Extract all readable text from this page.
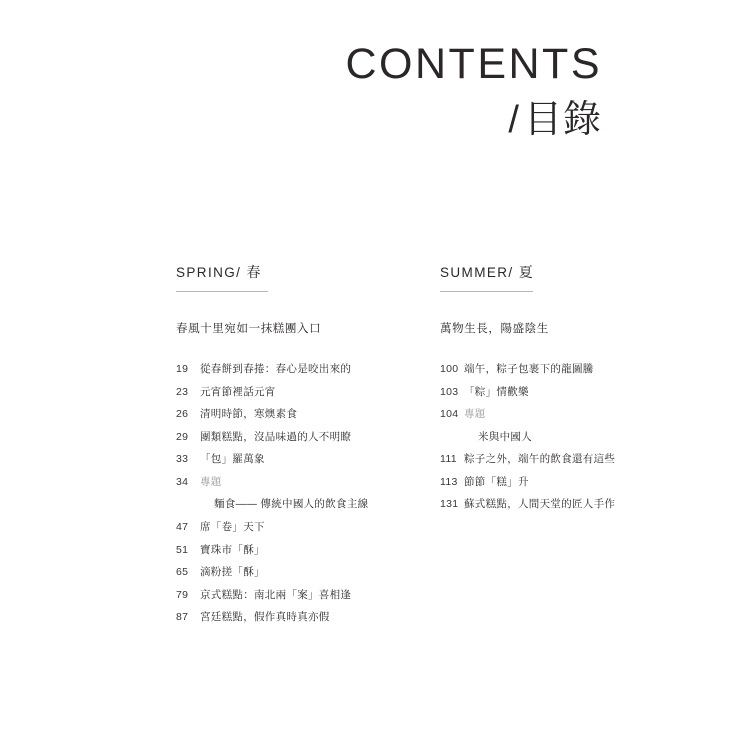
CONTENTS
/ 目錄
SPRING/ 春
春風十里宛如一抹糕團入口
19	從春餅到春捲：春心是咬出來的
23	元宵節裡話元宵
26	清明時節，寒燠素食
29	團類糕點，沒品味過的人不明瞭
33	「包」羅萬象
34	專題
麵食—— 傳統中國人的飲食主線
47	席「卷」天下
51	寶珠市「酥」
65	滴粉搓「酥」
79	京式糕點：南北兩「案」喜相逢
87	宮廷糕點，假作真時真亦假
SUMMER/ 夏
萬物生長，陽盛陰生
100 端午，粽子包裹下的龍圖騰
103 「粽」情歡樂
104 專題
米與中國人
111 粽子之外，端午的飲食還有這些
113 節節「糕」升
131 蘇式糕點，人間天堂的匠人手作
